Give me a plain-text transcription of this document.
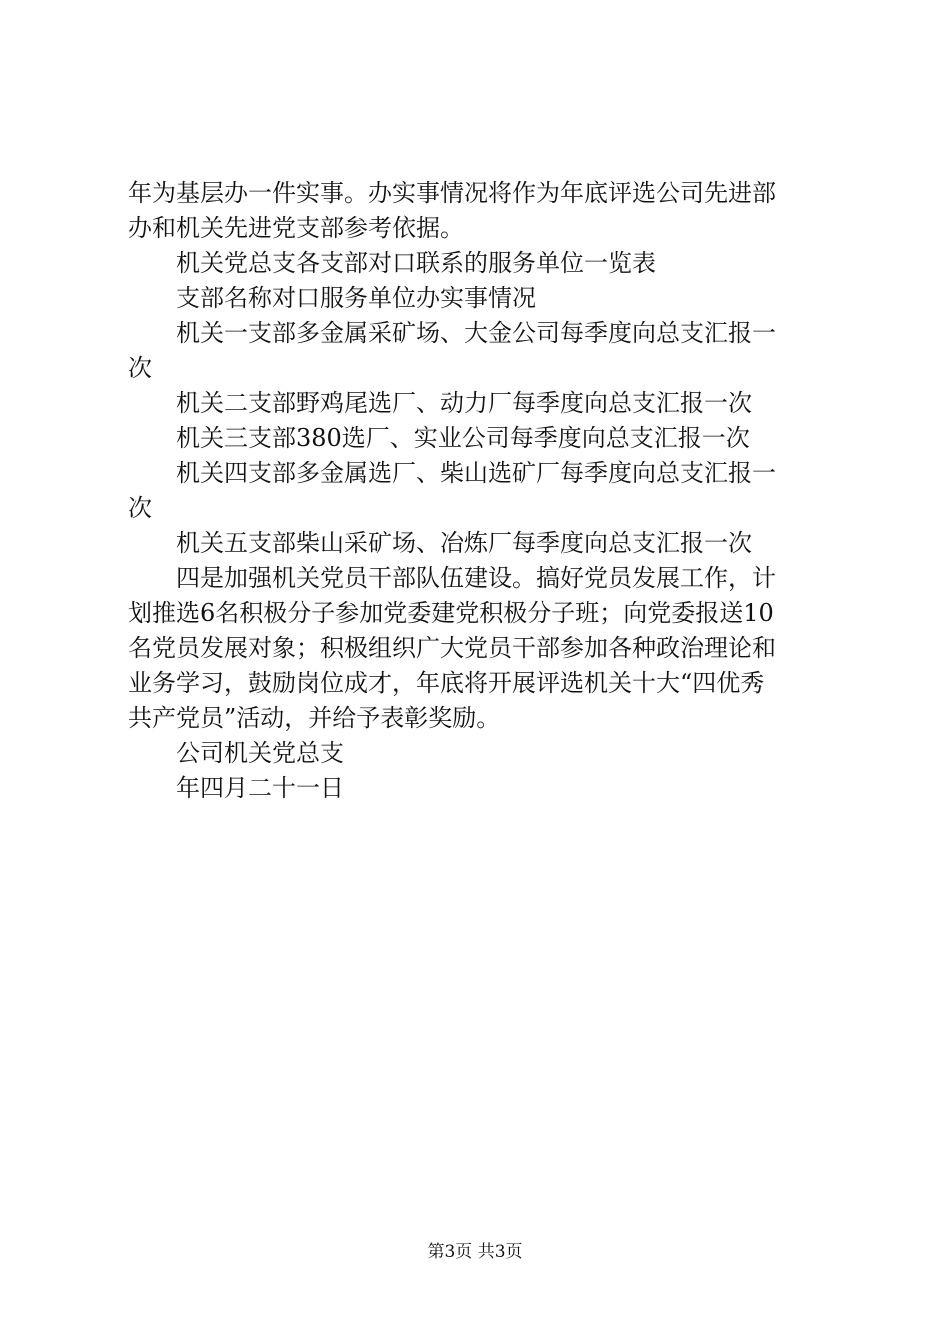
年为基层办一件实事。办实事情况将作为年底评选公司先进部

办和机关先进党支部参考依据。

机关党总支各支部对口联系的服务单位一览表

支部名称对口服务单位办实事情况

机关一支部多金属采矿场、大金公司每季度向总支汇报一

次

机关二支部野鸡尾选厂、动力厂每季度向总支汇报一次

机关三支部380选厂、实业公司每季度向总支汇报一次

机关四支部多金属选厂、柴山选矿厂每季度向总支汇报一

次

机关五支部柴山采矿场、冶炼厂每季度向总支汇报一次

四是加强机关党员干部队伍建设。搞好党员发展工作，计

划推选6名积极分子参加党委建党积极分子班；向党委报送10

名党员发展对象；积极组织广大党员干部参加各种政治理论和

业务学习，鼓励岗位成才，年底将开展评选机关十大“四优秀

共产党员”活动，并给予表彰奖励。

公司机关党总支

年四月二十一日

第3页 共3页
